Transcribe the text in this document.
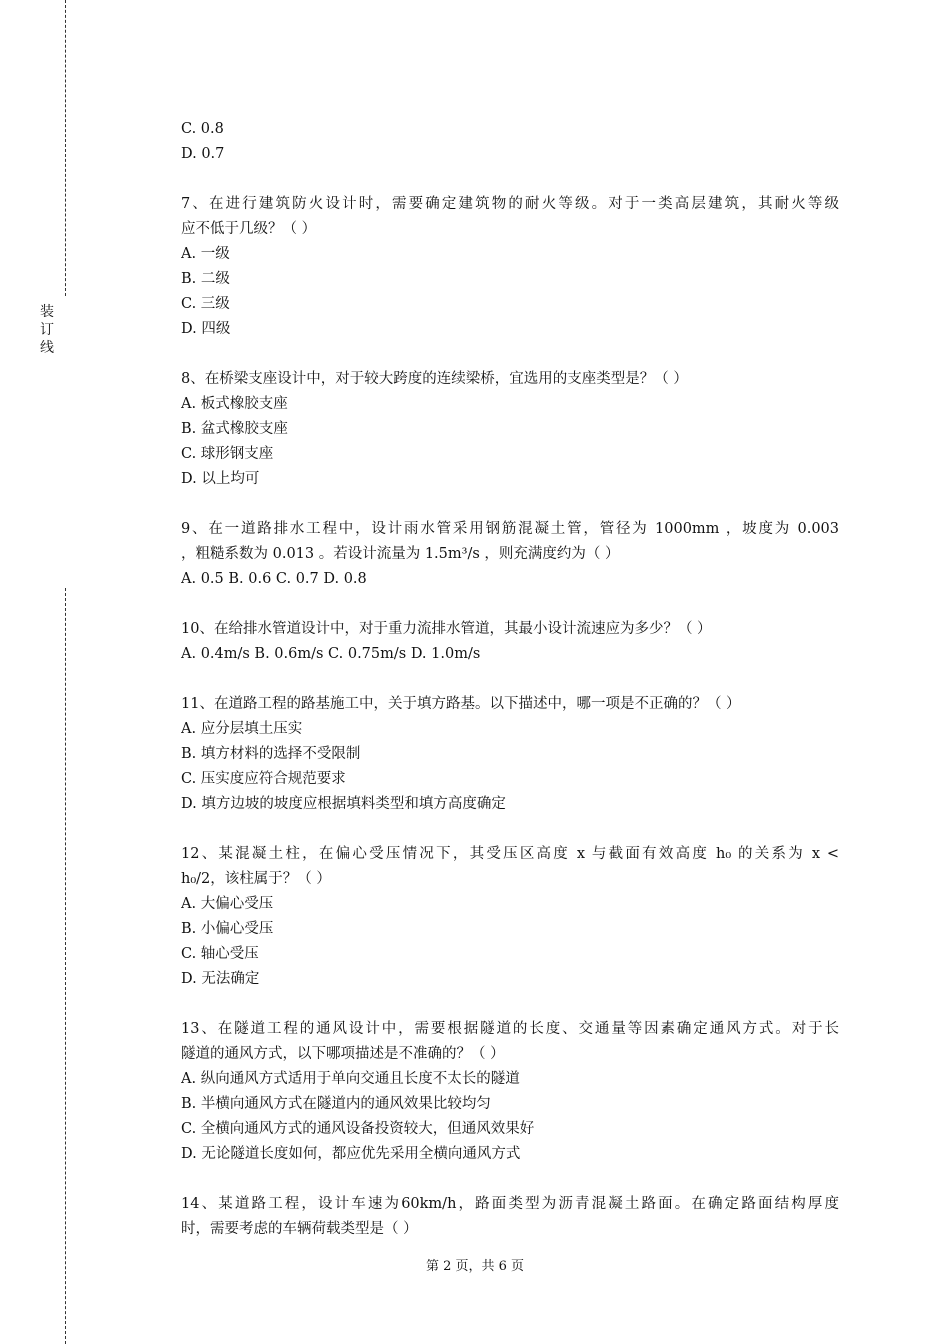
装
订
线
C. 0.8
D. 0.7
7、在进行建筑防火设计时，需要确定建筑物的耐火等级。对于一类高层建筑，其耐火等级
应不低于几级？（ ）
A. 一级
B. 二级
C. 三级
D. 四级
8、在桥梁支座设计中，对于较大跨度的连续梁桥，宜选用的支座类型是？（ ）
A. 板式橡胶支座
B. 盆式橡胶支座
C. 球形钢支座
D. 以上均可
9、在一道路排水工程中，设计雨水管采用钢筋混凝土管，管径为 1000mm ，坡度为 0.003
，粗糙系数为 0.013 。若设计流量为 1.5m³/s ，则充满度约为（ ）
A. 0.5 B. 0.6 C. 0.7 D. 0.8
10、在给排水管道设计中，对于重力流排水管道，其最小设计流速应为多少？（ ）
A. 0.4m/s B. 0.6m/s C. 0.75m/s D. 1.0m/s
11、在道路工程的路基施工中，关于填方路基。以下描述中，哪一项是不正确的？（ ）
A. 应分层填土压实
B. 填方材料的选择不受限制
C. 压实度应符合规范要求
D. 填方边坡的坡度应根据填料类型和填方高度确定
12、某混凝土柱，在偏心受压情况下，其受压区高度 x 与截面有效高度 h₀ 的关系为 x <
h₀/2，该柱属于？（ ）
A. 大偏心受压
B. 小偏心受压
C. 轴心受压
D. 无法确定
13、在隧道工程的通风设计中，需要根据隧道的长度、交通量等因素确定通风方式。对于长
隧道的通风方式，以下哪项描述是不准确的？（ ）
A. 纵向通风方式适用于单向交通且长度不太长的隧道
B. 半横向通风方式在隧道内的通风效果比较均匀
C. 全横向通风方式的通风设备投资较大，但通风效果好
D. 无论隧道长度如何，都应优先采用全横向通风方式
14、某道路工程，设计车速为60km/h，路面类型为沥青混凝土路面。在确定路面结构厚度
时，需要考虑的车辆荷载类型是（ ）
第 2 页，共 6 页
